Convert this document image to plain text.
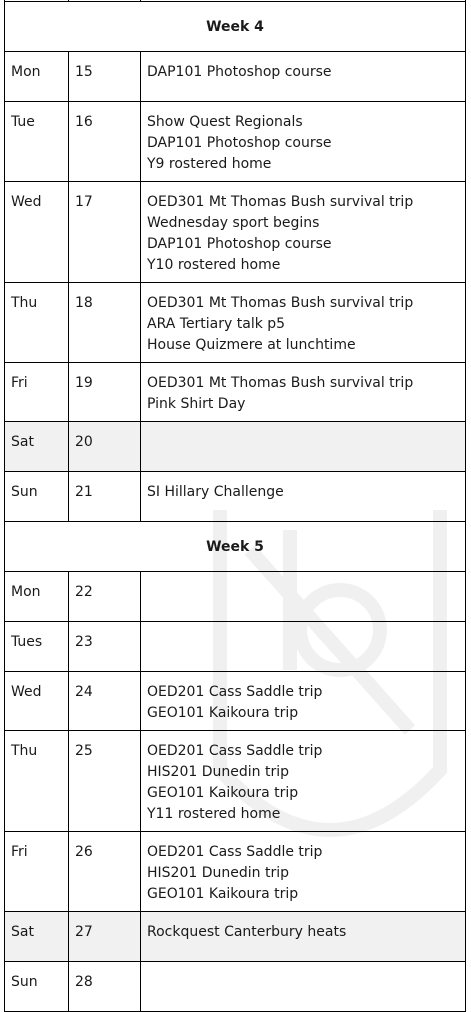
Week 4		

Mon	15	DAP101 Photoshop course

Tue	16	Show Quest Regionals
DAP101 Photoshop course
Y9 rostered home

Wed	17	OED301 Mt Thomas Bush survival trip
Wednesday sport begins
DAP101 Photoshop course
Y10 rostered home

Thu	18	OED301 Mt Thomas Bush survival trip
ARA Tertiary talk p5
House Quizmere at lunchtime

Fri	19	OED301 Mt Thomas Bush survival trip
Pink Shirt Day

Sat	20	

Sun	21	SI Hillary Challenge

Week 5		

Mon	22	

Tues	23	

Wed	24	OED201 Cass Saddle trip
GEO101 Kaikoura trip

Thu	25	OED201 Cass Saddle trip
HIS201 Dunedin trip
GEO101 Kaikoura trip
Y11 rostered home

Fri	26	OED201 Cass Saddle trip
HIS201 Dunedin trip
GEO101 Kaikoura trip

Sat	27	Rockquest Canterbury heats

Sun	28	
